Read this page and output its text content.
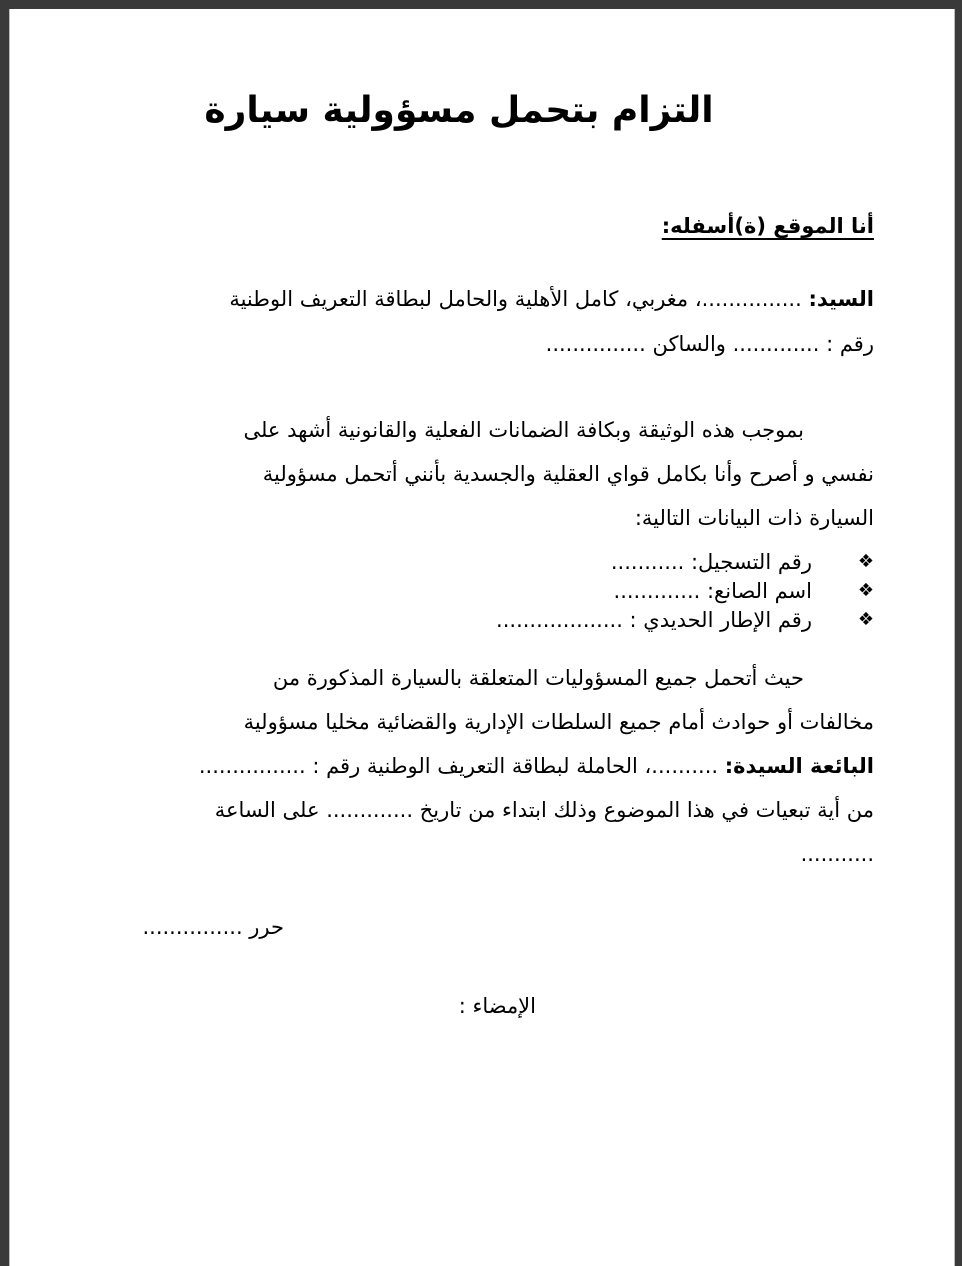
التزام بتحمل مسؤولية سيارة
أنا الموقع (ة)أسفله:
السيد: ...............، مغربي، كامل الأهلية والحامل لبطاقة التعريف الوطنية
رقم : ............. والساكن ...............
بموجب هذه الوثيقة وبكافة الضمانات الفعلية والقانونية أشهد على
نفسي و أصرح وأنا بكامل قواي العقلية والجسدية بأنني أتحمل مسؤولية
السيارة ذات البيانات التالية:
❖
رقم التسجيل: ...........
❖
اسم الصانع: .............
❖
رقم الإطار الحديدي : ...................
حيث أتحمل جميع المسؤوليات المتعلقة بالسيارة المذكورة من
مخالفات أو حوادث أمام جميع السلطات الإدارية والقضائية مخليا مسؤولية
البائعة السيدة: ..........، الحاملة لبطاقة التعريف الوطنية رقم : ................
من أية تبعيات في هذا الموضوع وذلك ابتداء من تاريخ ............. على الساعة
...........
حرر ...............
الإمضاء :
